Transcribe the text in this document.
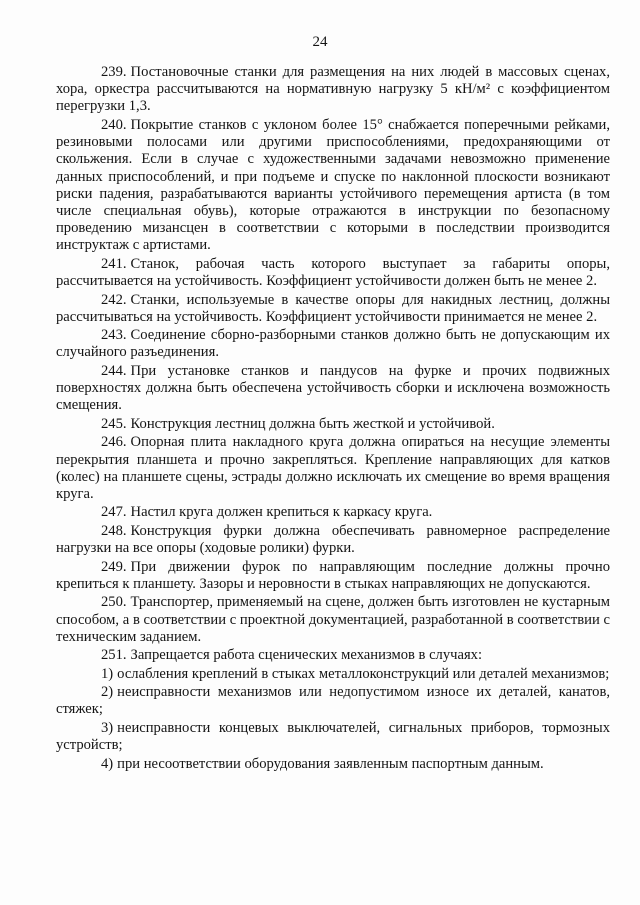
24

239. Постановочные станки для размещения на них людей в массовых сценах, хора, оркестра рассчитываются на нормативную нагрузку 5 кН/м² с коэффициентом перегрузки 1,3.

240. Покрытие станков с уклоном более 15° снабжается поперечными рейками, резиновыми полосами или другими приспособлениями, предохраняющими от скольжения. Если в случае с художественными задачами невозможно применение данных приспособлений, и при подъеме и спуске по наклонной плоскости возникают риски падения, разрабатываются варианты устойчивого перемещения артиста (в том числе специальная обувь), которые отражаются в инструкции по безопасному проведению мизансцен в соответствии с которыми в последствии производится инструктаж с артистами.

241. Станок, рабочая часть которого выступает за габариты опоры, рассчитывается на устойчивость. Коэффициент устойчивости должен быть не менее 2.

242. Станки, используемые в качестве опоры для накидных лестниц, должны рассчитываться на устойчивость. Коэффициент устойчивости принимается не менее 2.

243. Соединение сборно-разборными станков должно быть не допускающим их случайного разъединения.

244. При установке станков и пандусов на фурке и прочих подвижных поверхностях должна быть обеспечена устойчивость сборки и исключена возможность смещения.

245. Конструкция лестниц должна быть жесткой и устойчивой.

246. Опорная плита накладного круга должна опираться на несущие элементы перекрытия планшета и прочно закрепляться. Крепление направляющих для катков (колес) на планшете сцены, эстрады должно исключать их смещение во время вращения круга.

247. Настил круга должен крепиться к каркасу круга.

248. Конструкция фурки должна обеспечивать равномерное распределение нагрузки на все опоры (ходовые ролики) фурки.

249. При движении фурок по направляющим последние должны прочно крепиться к планшету. Зазоры и неровности в стыках направляющих не допускаются.

250. Транспортер, применяемый на сцене, должен быть изготовлен не кустарным способом, а в соответствии с проектной документацией, разработанной в соответствии с техническим заданием.

251. Запрещается работа сценических механизмов в случаях:

1) ослабления креплений в стыках металлоконструкций или деталей механизмов;

2) неисправности механизмов или недопустимом износе их деталей, канатов, стяжек;

3) неисправности концевых выключателей, сигнальных приборов, тормозных устройств;

4) при несоответствии оборудования заявленным паспортным данным.
